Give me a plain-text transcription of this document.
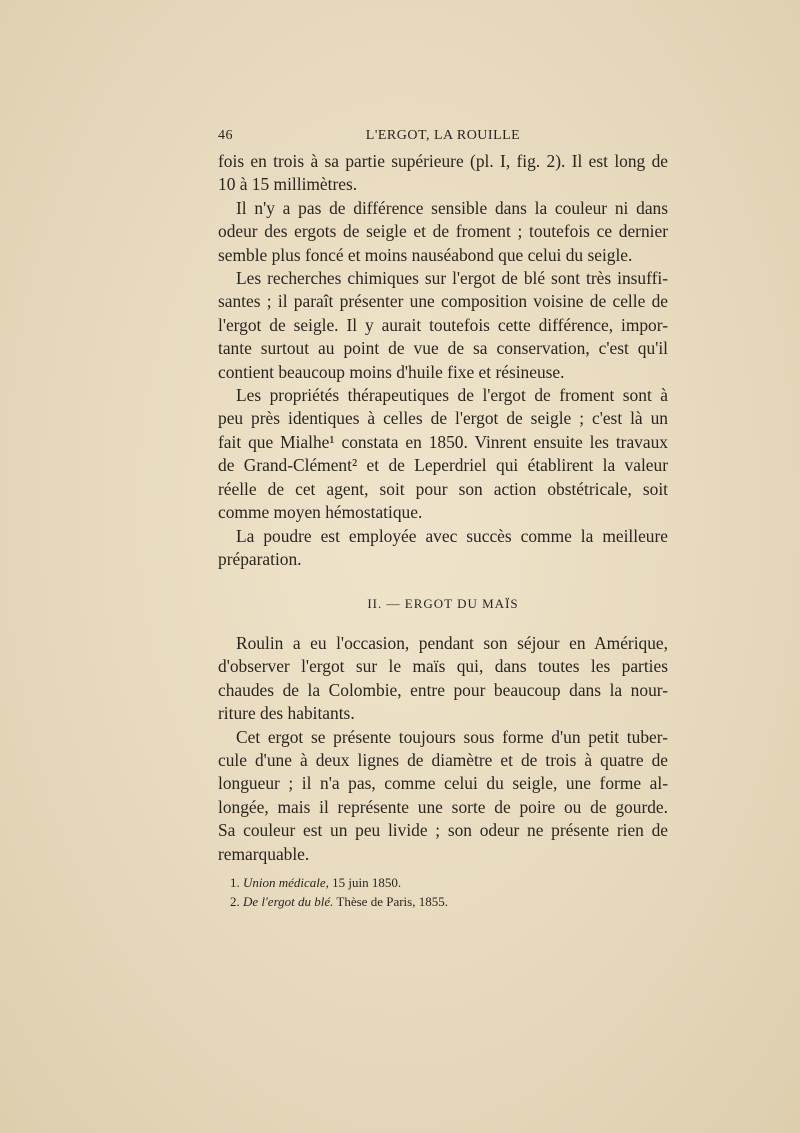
46	L'ERGOT, LA ROUILLE
fois en trois à sa partie supérieure (pl. I, fig. 2). Il est long de
10 à 15 millimètres.
Il n'y a pas de différence sensible dans la couleur ni dans
odeur des ergots de seigle et de froment ; toutefois ce dernier
semble plus foncé et moins nauséabond que celui du seigle.
Les recherches chimiques sur l'ergot de blé sont très insuffi-
santes ; il paraît présenter une composition voisine de celle de
l'ergot de seigle. Il y aurait toutefois cette différence, impor-
tante surtout au point de vue de sa conservation, c'est qu'il
contient beaucoup moins d'huile fixe et résineuse.
Les propriétés thérapeutiques de l'ergot de froment sont à
peu près identiques à celles de l'ergot de seigle ; c'est là un
fait que Mialhe¹ constata en 1850. Vinrent ensuite les travaux
de Grand-Clément² et de Leperdriel qui établirent la valeur
réelle de cet agent, soit pour son action obstétricale, soit
comme moyen hémostatique.
La poudre est employée avec succès comme la meilleure
préparation.
II. — ERGOT DU MAÏS
Roulin a eu l'occasion, pendant son séjour en Amérique,
d'observer l'ergot sur le maïs qui, dans toutes les parties
chaudes de la Colombie, entre pour beaucoup dans la nour-
riture des habitants.
Cet ergot se présente toujours sous forme d'un petit tuber-
cule d'une à deux lignes de diamètre et de trois à quatre de
longueur ; il n'a pas, comme celui du seigle, une forme al-
longée, mais il représente une sorte de poire ou de gourde.
Sa couleur est un peu livide ; son odeur ne présente rien de
remarquable.
1. Union médicale, 15 juin 1850.
2. De l'ergot du blé. Thèse de Paris, 1855.
